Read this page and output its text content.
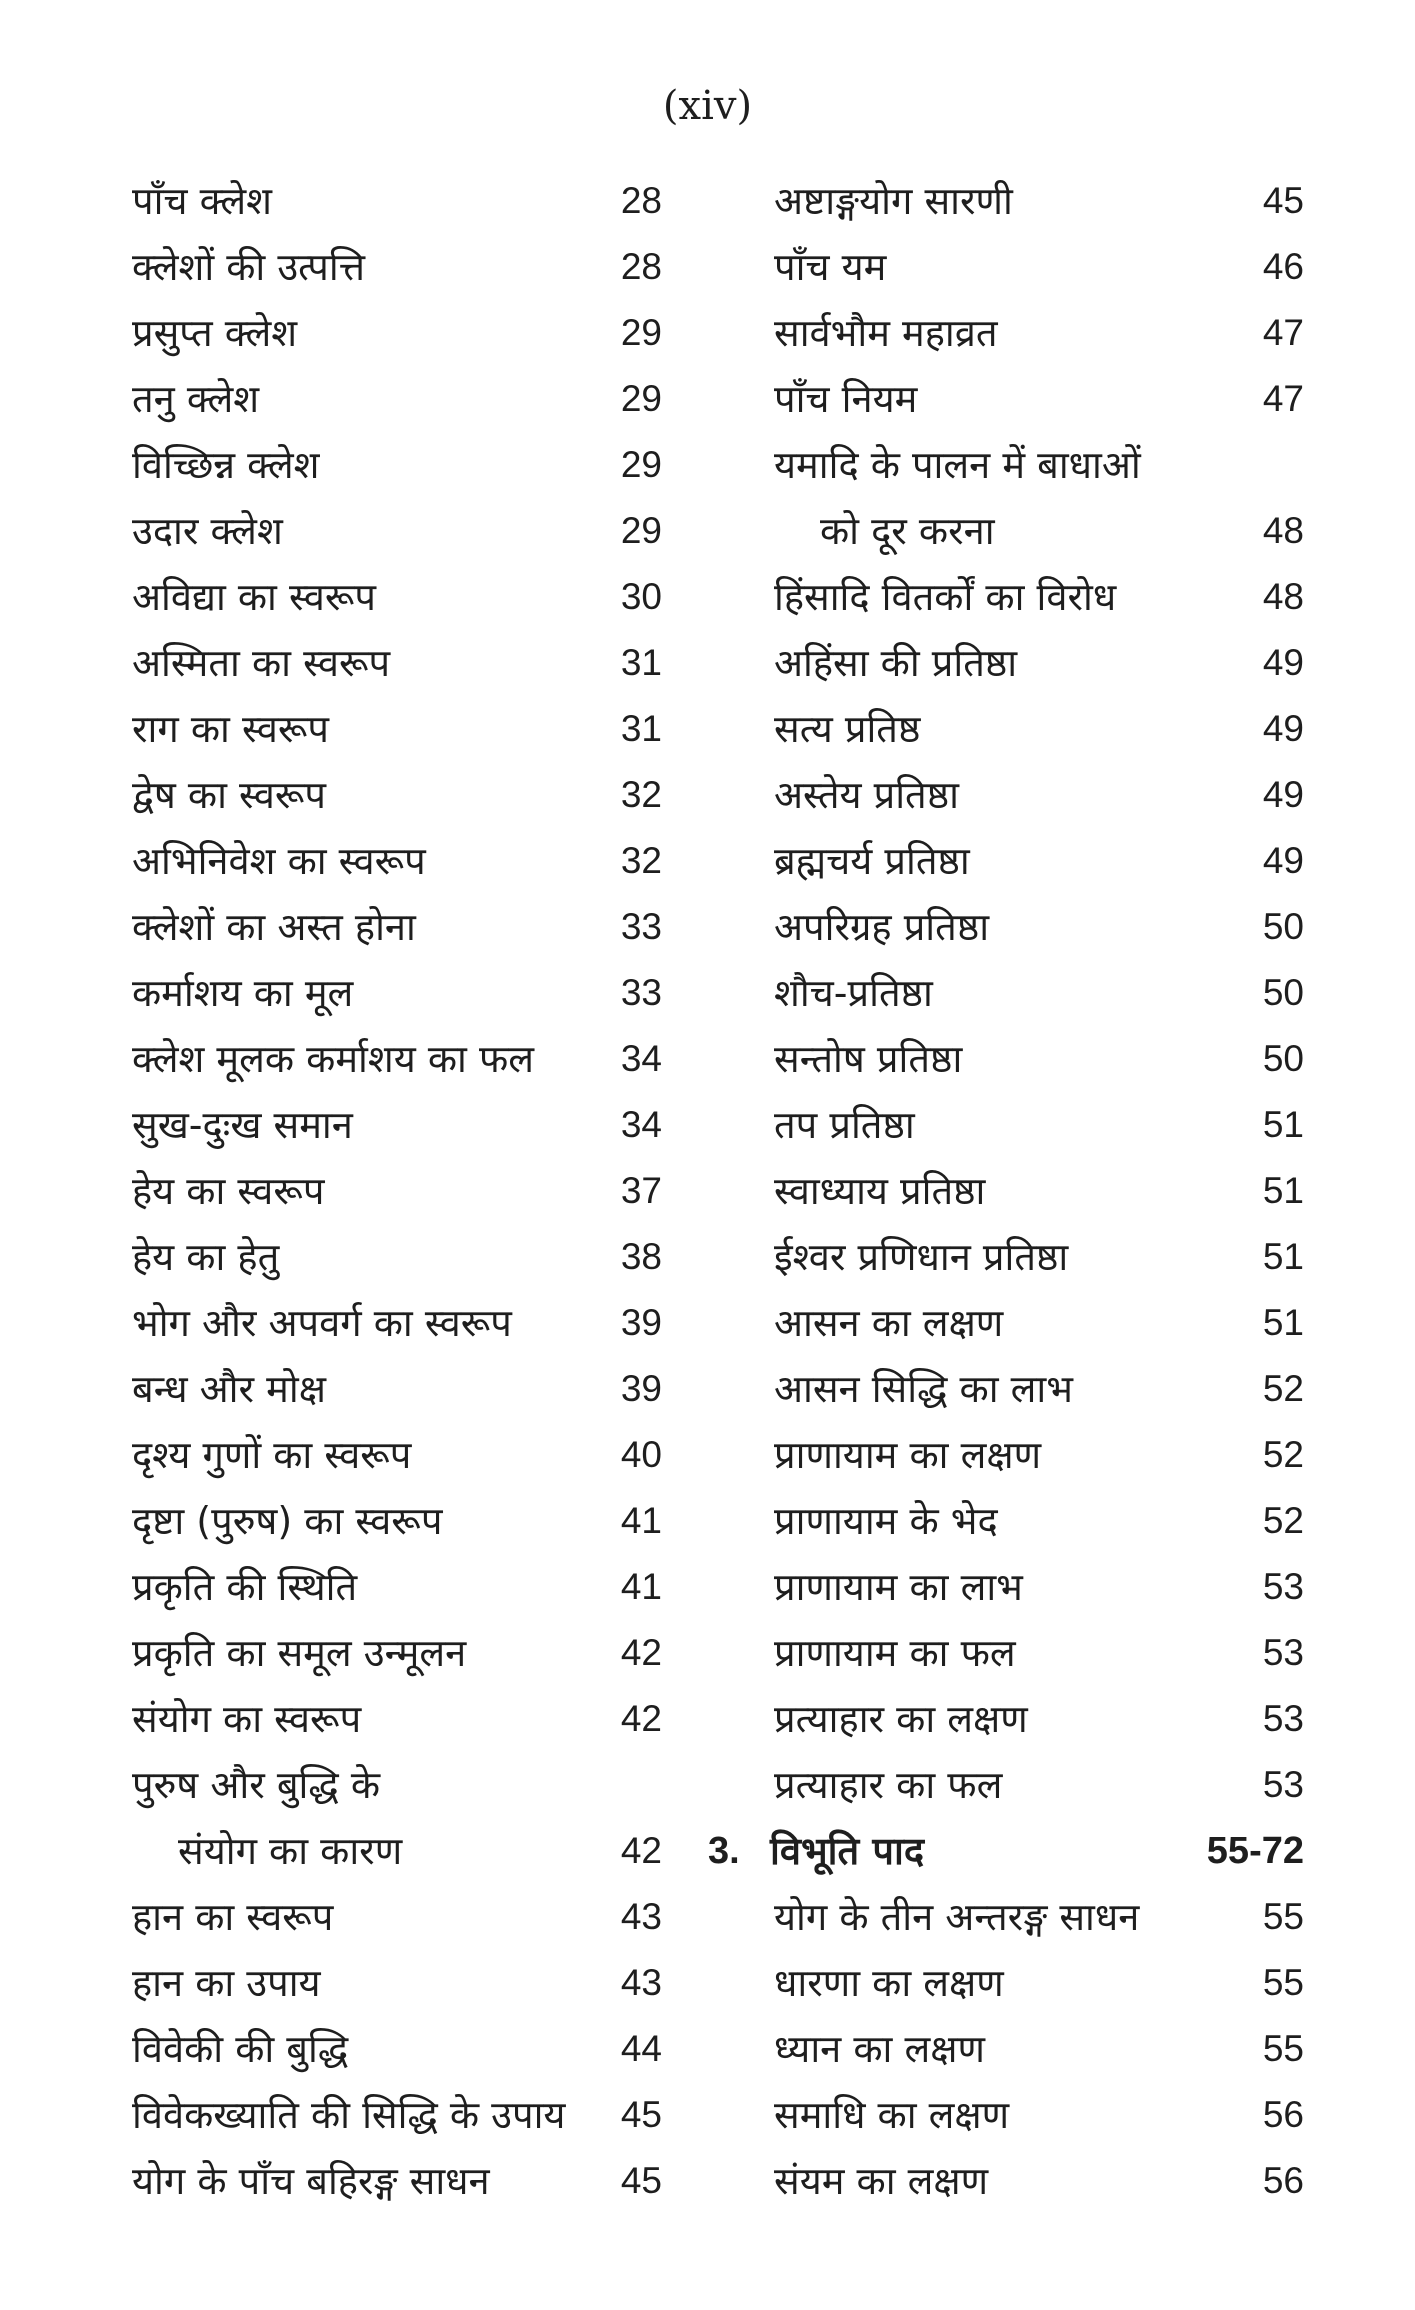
(xiv)
पाँच क्लेश	28
क्लेशों की उत्पत्ति	28
प्रसुप्त क्लेश	29
तनु क्लेश	29
विच्छिन्न क्लेश	29
उदार क्लेश	29
अविद्या का स्वरूप	30
अस्मिता का स्वरूप	31
राग का स्वरूप	31
द्वेष का स्वरूप	32
अभिनिवेश का स्वरूप	32
क्लेशों का अस्त होना	33
कर्माशय का मूल	33
क्लेश मूलक कर्माशय का फल	34
सुख-दुःख समान	34
हेय का स्वरूप	37
हेय का हेतु	38
भोग और अपवर्ग का स्वरूप	39
बन्ध और मोक्ष	39
दृश्य गुणों का स्वरूप	40
दृष्टा (पुरुष) का स्वरूप	41
प्रकृति की स्थिति	41
प्रकृति का समूल उन्मूलन	42
संयोग का स्वरूप	42
पुरुष और बुद्धि के
संयोग का कारण	42
हान का स्वरूप	43
हान का उपाय	43
विवेकी की बुद्धि	44
विवेकख्याति की सिद्धि के उपाय	45
योग के पाँच बहिरङ्ग साधन	45
अष्टाङ्गयोग सारणी	45
पाँच यम	46
सार्वभौम महाव्रत	47
पाँच नियम	47
यमादि के पालन में बाधाओं
को दूर करना	48
हिंसादि वितर्कों का विरोध	48
अहिंसा की प्रतिष्ठा	49
सत्य प्रतिष्ठ	49
अस्तेय प्रतिष्ठा	49
ब्रह्मचर्य प्रतिष्ठा	49
अपरिग्रह प्रतिष्ठा	50
शौच-प्रतिष्ठा	50
सन्तोष प्रतिष्ठा	50
तप प्रतिष्ठा	51
स्वाध्याय प्रतिष्ठा	51
ईश्वर प्रणिधान प्रतिष्ठा	51
आसन का लक्षण	51
आसन सिद्धि का लाभ	52
प्राणायाम का लक्षण	52
प्राणायाम के भेद	52
प्राणायाम का लाभ	53
प्राणायाम का फल	53
प्रत्याहार का लक्षण	53
प्रत्याहार का फल	53
3. विभूति पाद	55-72
योग के तीन अन्तरङ्ग साधन	55
धारणा का लक्षण	55
ध्यान का लक्षण	55
समाधि का लक्षण	56
संयम का लक्षण	56
